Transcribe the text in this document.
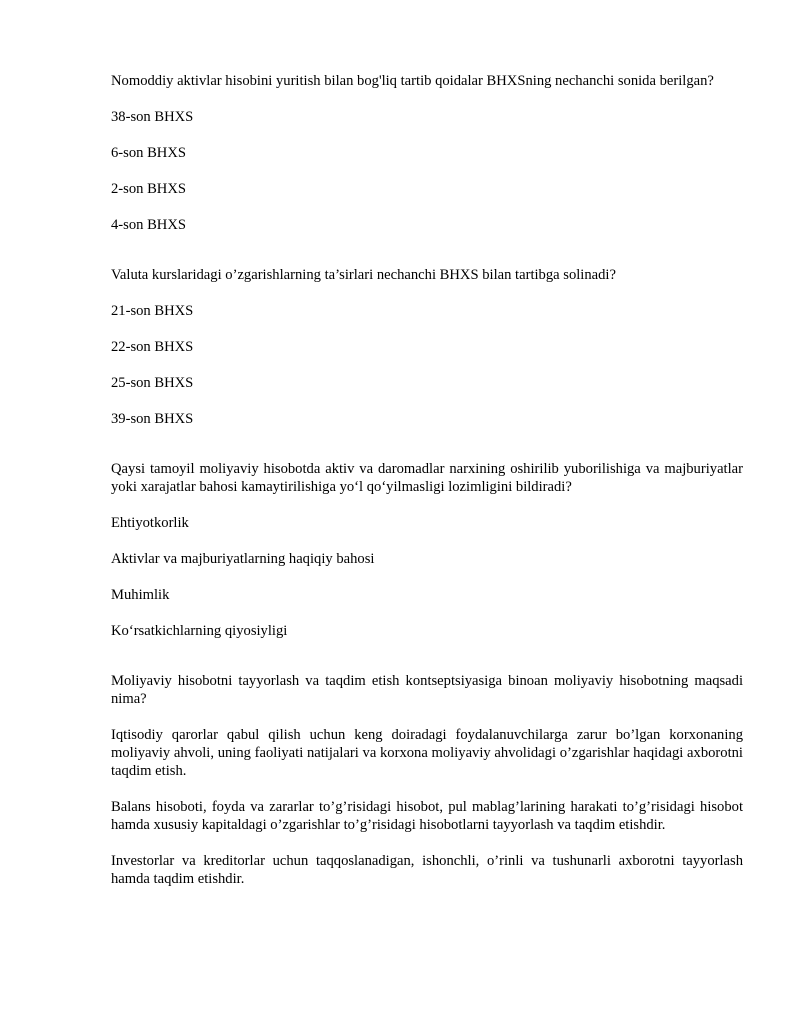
Nomoddiy aktivlar hisobini yuritish bilan bog'liq tartib qoidalar BHXSning nechanchi sonida berilgan?

38-son BHXS

6-son BHXS

2-son BHXS

4-son BHXS

Valuta kurslaridagi o’zgarishlarning ta’sirlari nechanchi BHXS bilan tartibga solinadi?

21-son BHXS

22-son BHXS

25-son BHXS

39-son BHXS

Qaysi tamoyil moliyaviy hisobotda aktiv va daromadlar narxining oshirilib yuborilishiga va majburiyatlar yoki xarajatlar bahosi kamaytirilishiga yo‘l qo‘yilmasligi lozimligini bildiradi?

Ehtiyotkorlik

Aktivlar va majburiyatlarning haqiqiy bahosi

Muhimlik

Ko‘rsatkichlarning qiyosiyligi

Moliyaviy hisobotni tayyorlash va taqdim etish kontseptsiyasiga binoan moliyaviy hisobotning maqsadi nima?

Iqtisodiy qarorlar qabul qilish uchun keng doiradagi foydalanuvchilarga zarur bo’lgan korxonaning moliyaviy ahvoli, uning faoliyati natijalari va korxona moliyaviy ahvolidagi o’zgarishlar haqidagi axborotni taqdim etish.

Balans hisoboti, foyda va zararlar to’g’risidagi hisobot, pul mablag’larining harakati to’g’risidagi hisobot hamda xususiy kapitaldagi o’zgarishlar to’g’risidagi hisobotlarni tayyorlash va taqdim etishdir.

Investorlar va kreditorlar uchun taqqoslanadigan, ishonchli, o’rinli va tushunarli axborotni tayyorlash hamda taqdim etishdir.
